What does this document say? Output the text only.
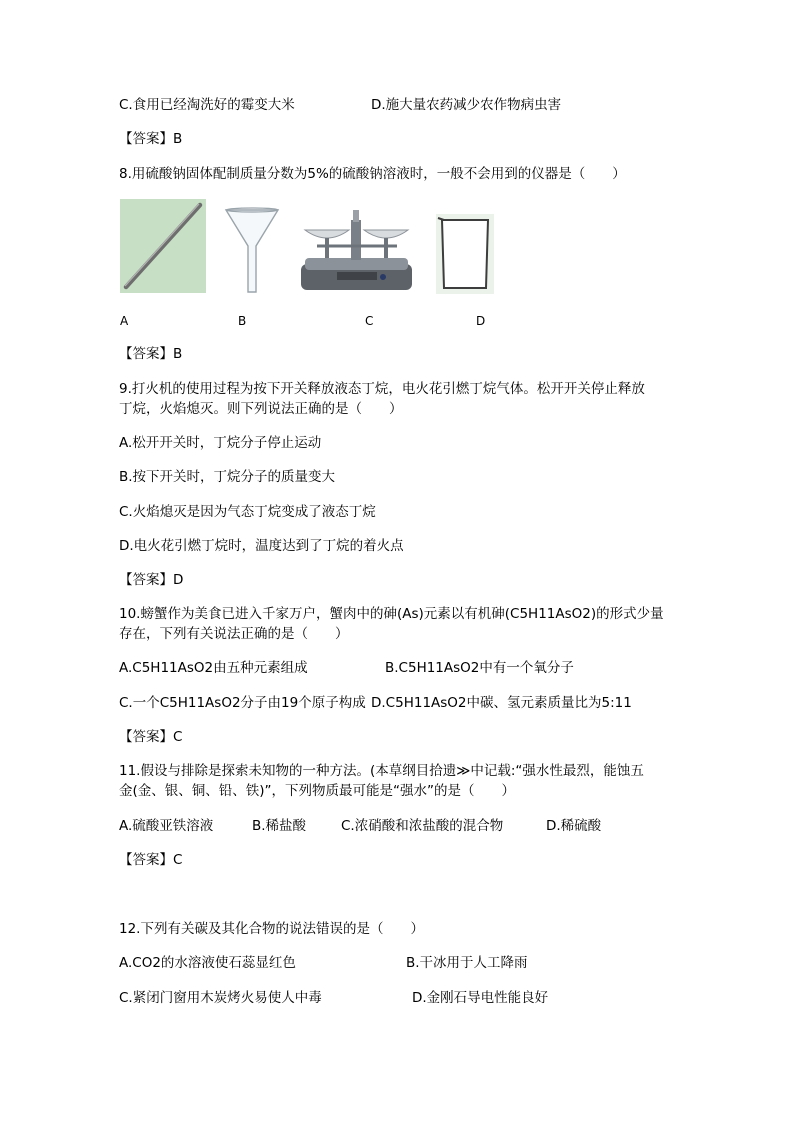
C.食用已经淘洗好的霉变大米	D.施大量农药减少农作物病虫害
【答案】B
8.用硫酸钠固体配制质量分数为5%的硫酸钠溶液时，一般不会用到的仪器是（　　）
A	B	C	D
【答案】B
9.打火机的使用过程为按下开关释放液态丁烷，电火花引燃丁烷气体。松开开关停止释放
丁烷，火焰熄灭。则下列说法正确的是（　　）
A.松开开关时，丁烷分子停止运动
B.按下开关时，丁烷分子的质量变大
C.火焰熄灭是因为气态丁烷变成了液态丁烷
D.电火花引燃丁烷时，温度达到了丁烷的着火点
【答案】D
10.螃蟹作为美食已进入千家万户，蟹肉中的砷(As)元素以有机砷(C5H11AsO2)的形式少量
存在，下列有关说法正确的是（　　）
A.C5H11AsO2由五种元素组成	B.C5H11AsO2中有一个氧分子
C.一个C5H11AsO2分子由19个原子构成 D.C5H11AsO2中碳、氢元素质量比为5:11
【答案】C
11.假设与排除是探索未知物的一种方法。(本草纲目拾遗≫中记载:“强水性最烈，能蚀五
金(金、银、铜、铅、铁)”，下列物质最可能是“强水”的是（　　）
A.硫酸亚铁溶液	B.稀盐酸	C.浓硝酸和浓盐酸的混合物	D.稀硫酸
【答案】C
12.下列有关碳及其化合物的说法错误的是（　　）
A.CO2的水溶液使石蕊显红色	B.干冰用于人工降雨
C.紧闭门窗用木炭烤火易使人中毒	D.金刚石导电性能良好
